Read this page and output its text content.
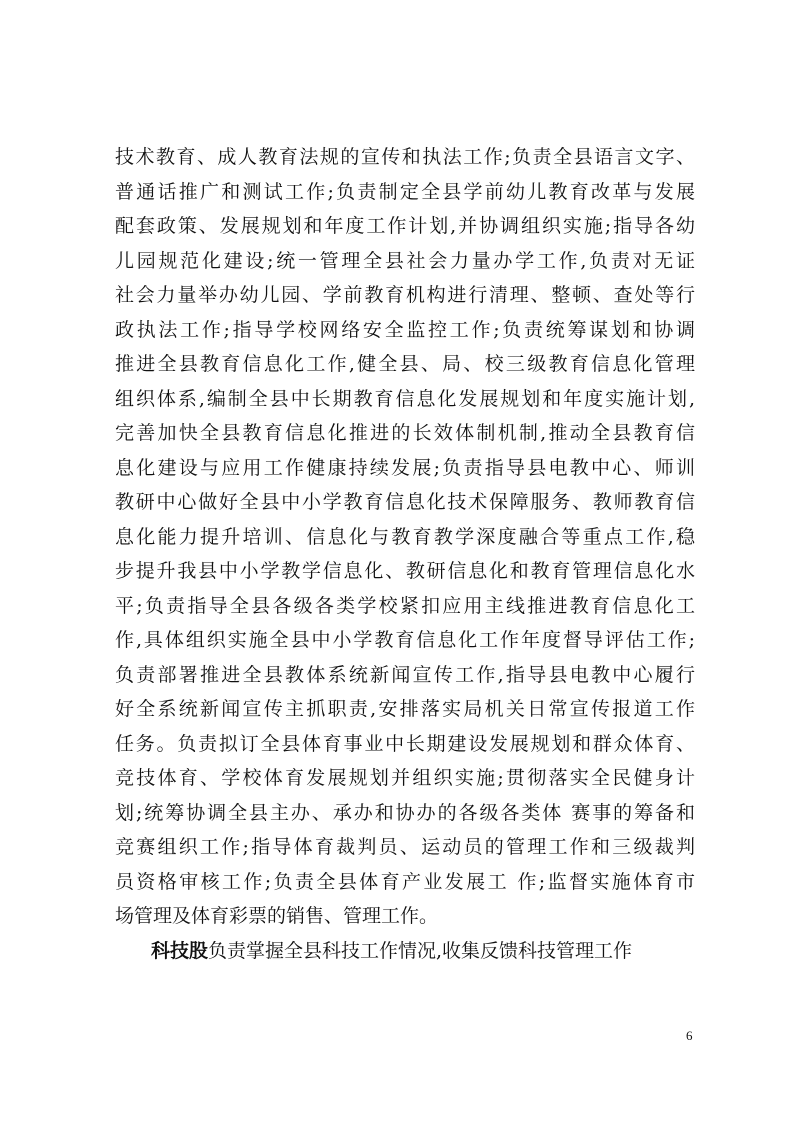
技术教育、成人教育法规的宣传和执法工作;负责全县语言文字、
普通话推广和测试工作;负责制定全县学前幼儿教育改革与发展
配套政策、发展规划和年度工作计划,并协调组织实施;指导各幼
儿园规范化建设;统一管理全县社会力量办学工作,负责对无证
社会力量举办幼儿园、学前教育机构进行清理、整顿、查处等行
政执法工作;指导学校网络安全监控工作;负责统筹谋划和协调
推进全县教育信息化工作,健全县、局、校三级教育信息化管理
组织体系,编制全县中长期教育信息化发展规划和年度实施计划,
完善加快全县教育信息化推进的长效体制机制,推动全县教育信
息化建设与应用工作健康持续发展;负责指导县电教中心、师训
教研中心做好全县中小学教育信息化技术保障服务、教师教育信
息化能力提升培训、信息化与教育教学深度融合等重点工作,稳
步提升我县中小学教学信息化、教研信息化和教育管理信息化水
平;负责指导全县各级各类学校紧扣应用主线推进教育信息化工
作,具体组织实施全县中小学教育信息化工作年度督导评估工作;
负责部署推进全县教体系统新闻宣传工作,指导县电教中心履行
好全系统新闻宣传主抓职责,安排落实局机关日常宣传报道工作
任务。负责拟订全县体育事业中长期建设发展规划和群众体育、
竞技体育、学校体育发展规划并组织实施;贯彻落实全民健身计
划;统筹协调全县主办、承办和协办的各级各类体 赛事的筹备和
竞赛组织工作;指导体育裁判员、运动员的管理工作和三级裁判
员资格审核工作;负责全县体育产业发展工 作;监督实施体育市
场管理及体育彩票的销售、管理工作。
科技股负责掌握全县科技工作情况,收集反馈科技管理工作
6
